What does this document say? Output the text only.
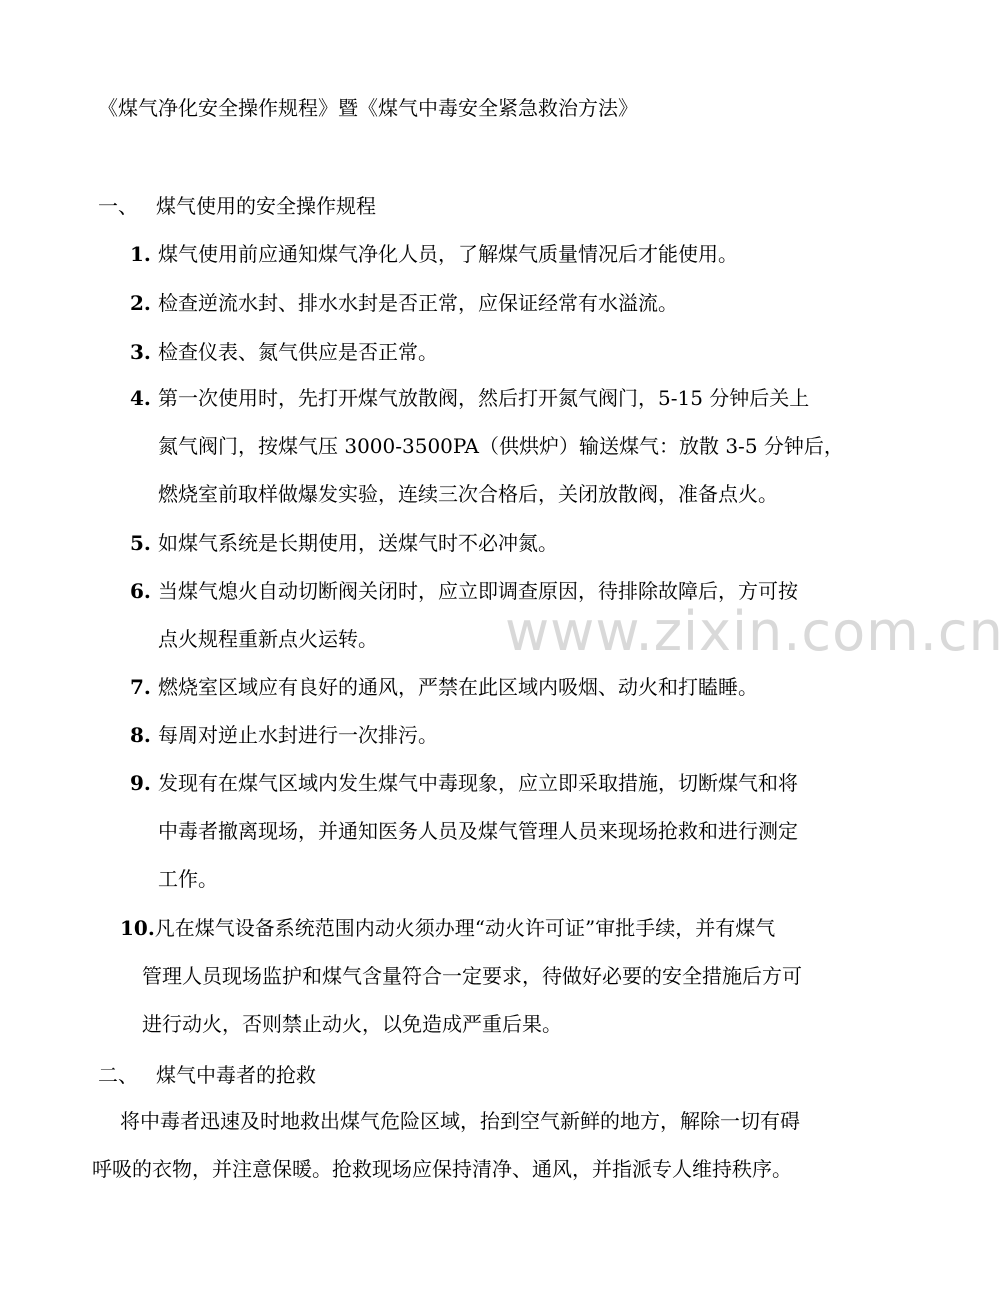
《煤气净化安全操作规程》暨《煤气中毒安全紧急救治方法》
一、 煤气使用的安全操作规程
1. 煤气使用前应通知煤气净化人员，了解煤气质量情况后才能使用。
2. 检查逆流水封、排水水封是否正常，应保证经常有水溢流。
3. 检查仪表、氮气供应是否正常。
4. 第一次使用时，先打开煤气放散阀，然后打开氮气阀门，5-15 分钟后关上
氮气阀门，按煤气压 3000-3500PA（供烘炉）输送煤气：放散 3-5 分钟后，
燃烧室前取样做爆发实验，连续三次合格后，关闭放散阀，准备点火。
5. 如煤气系统是长期使用，送煤气时不必冲氮。
6. 当煤气熄火自动切断阀关闭时，应立即调查原因，待排除故障后，方可按
点火规程重新点火运转。
7. 燃烧室区域应有良好的通风，严禁在此区域内吸烟、动火和打瞌睡。
8. 每周对逆止水封进行一次排污。
9. 发现有在煤气区域内发生煤气中毒现象，应立即采取措施，切断煤气和将
中毒者撤离现场，并通知医务人员及煤气管理人员来现场抢救和进行测定
工作。
10.凡在煤气设备系统范围内动火须办理“动火许可证”审批手续，并有煤气
管理人员现场监护和煤气含量符合一定要求，待做好必要的安全措施后方可
进行动火，否则禁止动火，以免造成严重后果。
二、 煤气中毒者的抢救
将中毒者迅速及时地救出煤气危险区域，抬到空气新鲜的地方，解除一切有碍
呼吸的衣物，并注意保暖。抢救现场应保持清净、通风，并指派专人维持秩序。
www.zixin.com.cn
